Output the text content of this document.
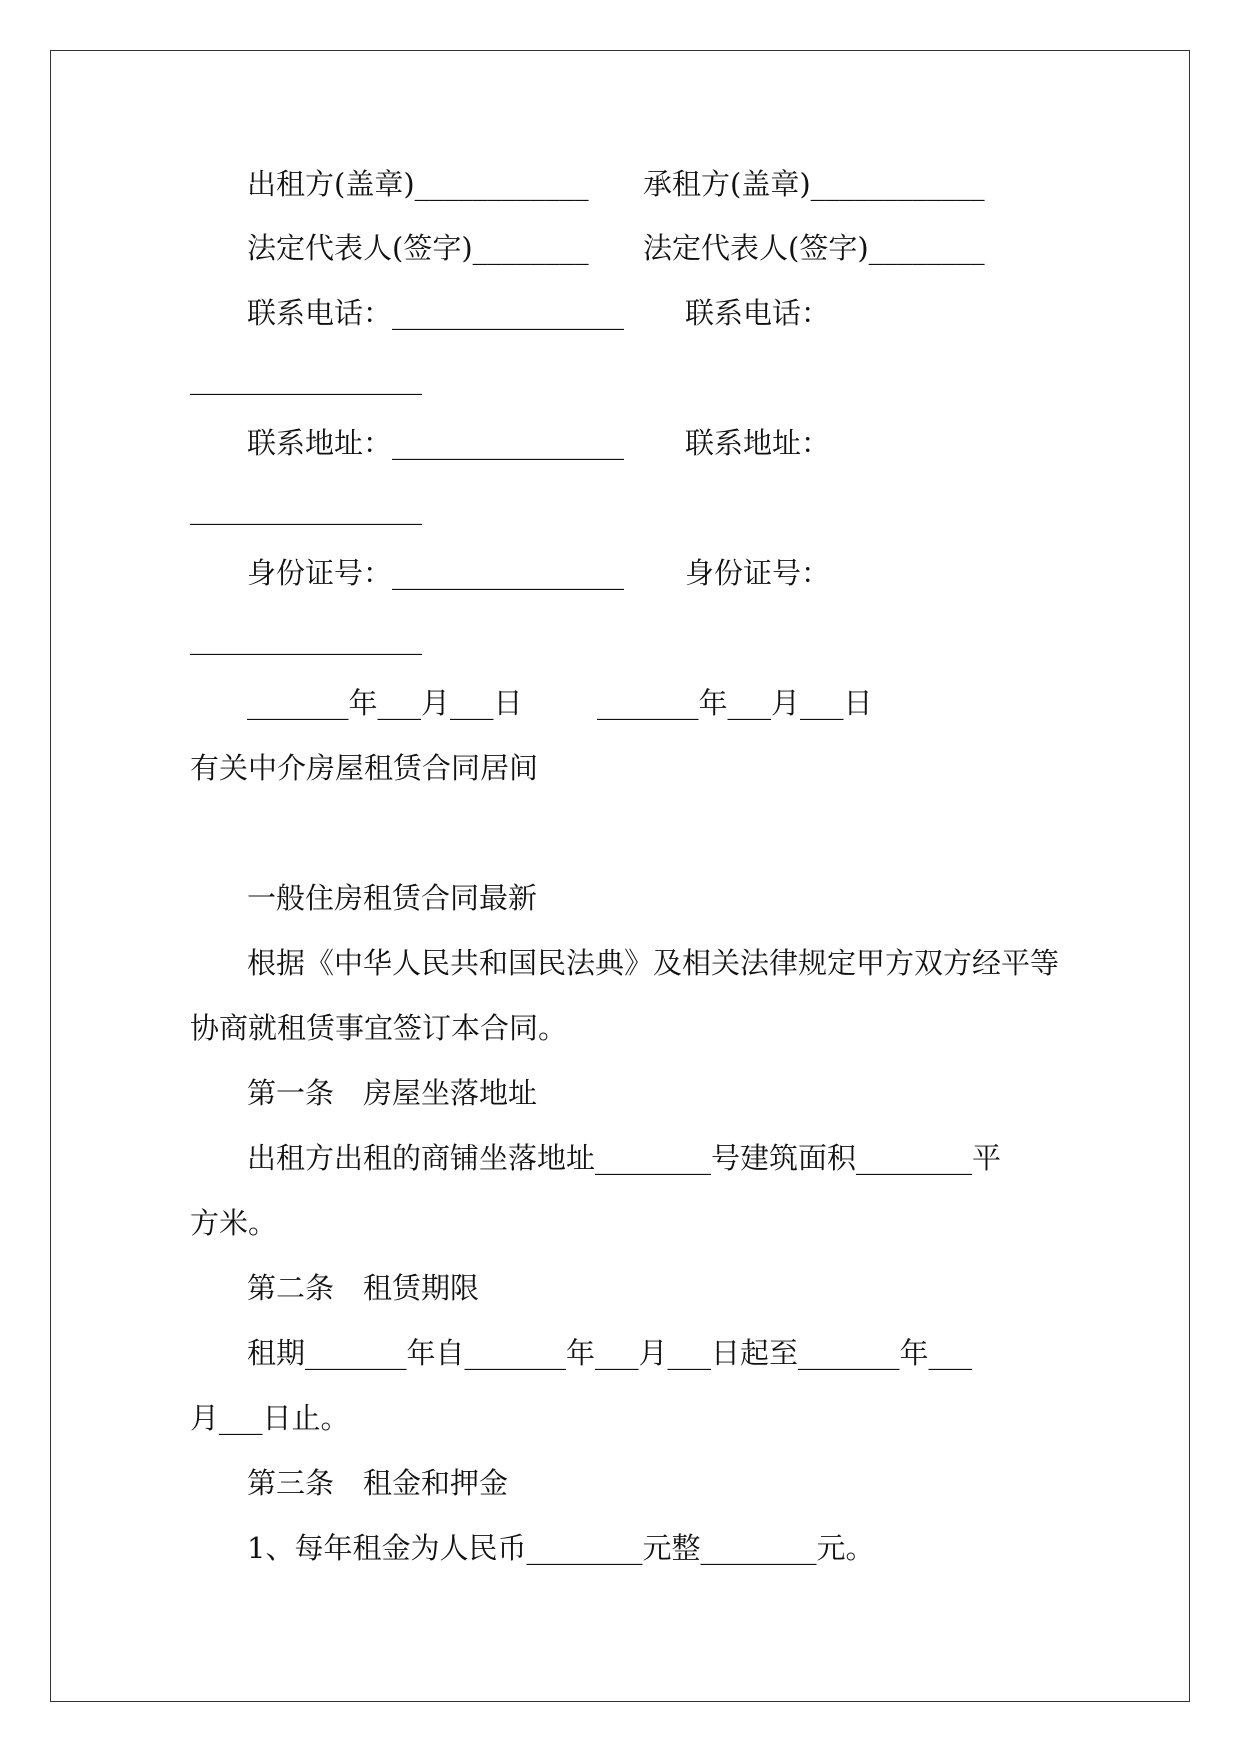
出租方(盖章)____________ 承租方(盖章)____________
法定代表人(签字)________ 法定代表人(签字)________
联系电话：________________ 联系电话：
________________
联系地址：________________ 联系地址：
________________
身份证号：________________ 身份证号：
________________
_______年___月___日	_______年___月___日
有关中介房屋租赁合同居间
一般住房租赁合同最新
根据《中华人民共和国民法典》及相关法律规定甲方双方经平等
协商就租赁事宜签订本合同。
第一条　房屋坐落地址
出租方出租的商铺坐落地址________号建筑面积________平
方米。
第二条　租赁期限
租期_______年自_______年___月___日起至_______年___
月___日止。
第三条　租金和押金
1、每年租金为人民币________元整________元。
